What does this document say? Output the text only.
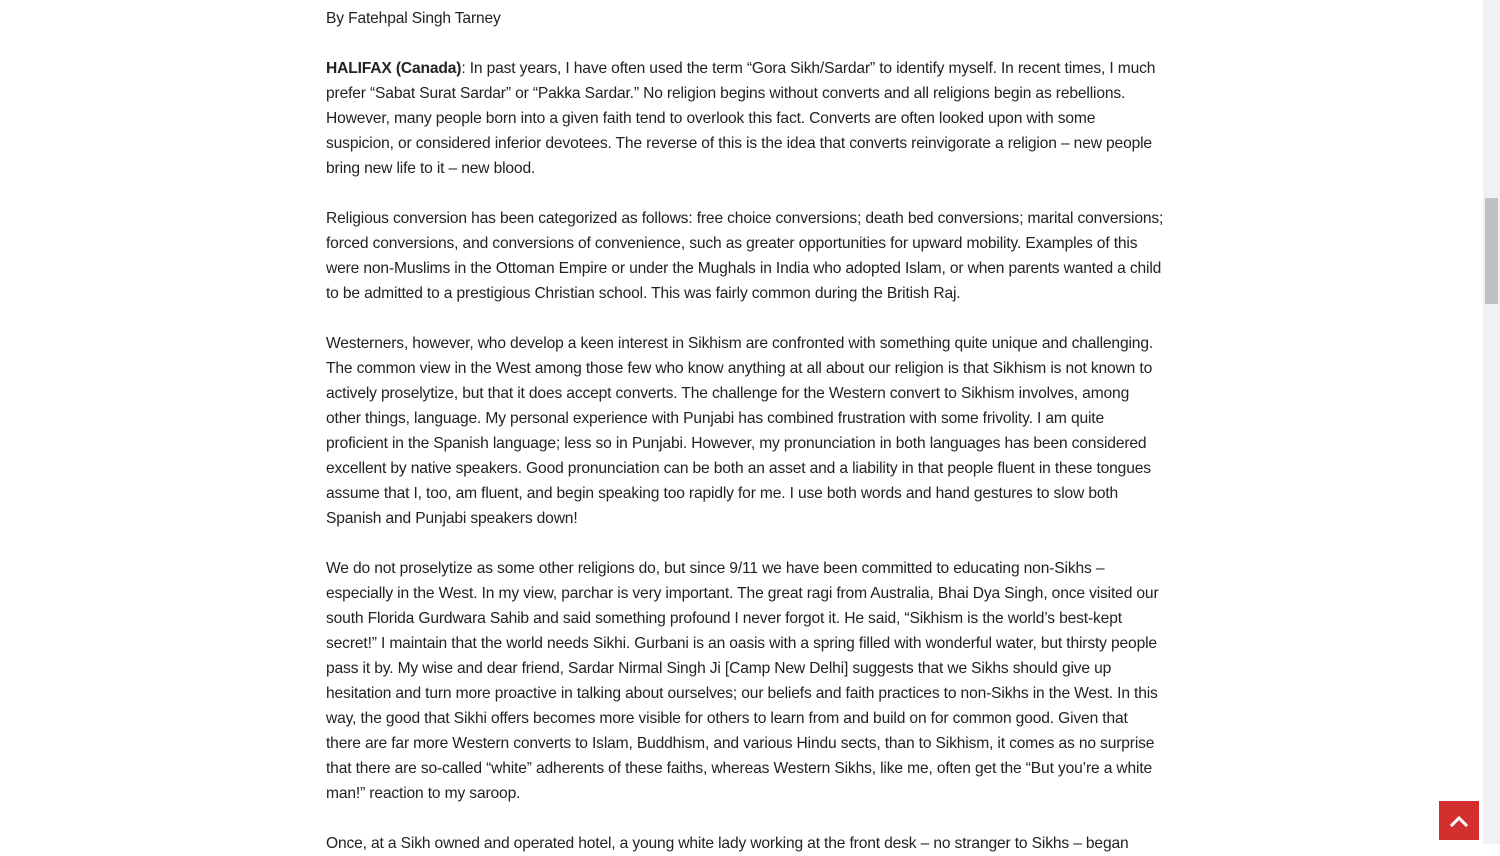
By Fatehpal Singh Tarney

HALIFAX (Canada): In past years, I have often used the term “Gora Sikh/Sardar” to identify myself. In recent times, I much prefer “Sabat Surat Sardar” or “Pakka Sardar.” No religion begins without converts and all religions begin as rebellions. However, many people born into a given faith tend to overlook this fact. Converts are often looked upon with some suspicion, or considered inferior devotees. The reverse of this is the idea that converts reinvigorate a religion – new people bring new life to it – new blood.

Religious conversion has been categorized as follows: free choice conversions; death bed conversions; marital conversions; forced conversions, and conversions of convenience, such as greater opportunities for upward mobility. Examples of this were non-Muslims in the Ottoman Empire or under the Mughals in India who adopted Islam, or when parents wanted a child to be admitted to a prestigious Christian school. This was fairly common during the British Raj.

Westerners, however, who develop a keen interest in Sikhism are confronted with something quite unique and challenging. The common view in the West among those few who know anything at all about our religion is that Sikhism is not known to actively proselytize, but that it does accept converts. The challenge for the Western convert to Sikhism involves, among other things, language. My personal experience with Punjabi has combined frustration with some frivolity. I am quite proficient in the Spanish language; less so in Punjabi. However, my pronunciation in both languages has been considered excellent by native speakers. Good pronunciation can be both an asset and a liability in that people fluent in these tongues assume that I, too, am fluent, and begin speaking too rapidly for me. I use both words and hand gestures to slow both Spanish and Punjabi speakers down!

We do not proselytize as some other religions do, but since 9/11 we have been committed to educating non-Sikhs – especially in the West. In my view, parchar is very important. The great ragi from Australia, Bhai Dya Singh, once visited our south Florida Gurdwara Sahib and said something profound I never forgot it. He said, “Sikhism is the world’s best-kept secret!” I maintain that the world needs Sikhi. Gurbani is an oasis with a spring filled with wonderful water, but thirsty people pass it by. My wise and dear friend, Sardar Nirmal Singh Ji [Camp New Delhi] suggests that we Sikhs should give up hesitation and turn more proactive in talking about ourselves; our beliefs and faith practices to non-Sikhs in the West. In this way, the good that Sikhi offers becomes more visible for others to learn from and build on for common good. Given that there are far more Western converts to Islam, Buddhism, and various Hindu sects, than to Sikhism, it comes as no surprise that there are so-called “white” adherents of these faiths, whereas Western Sikhs, like me, often get the “But you’re a white man!” reaction to my saroop.

Once, at a Sikh owned and operated hotel, a young white lady working at the front desk – no stranger to Sikhs – began
